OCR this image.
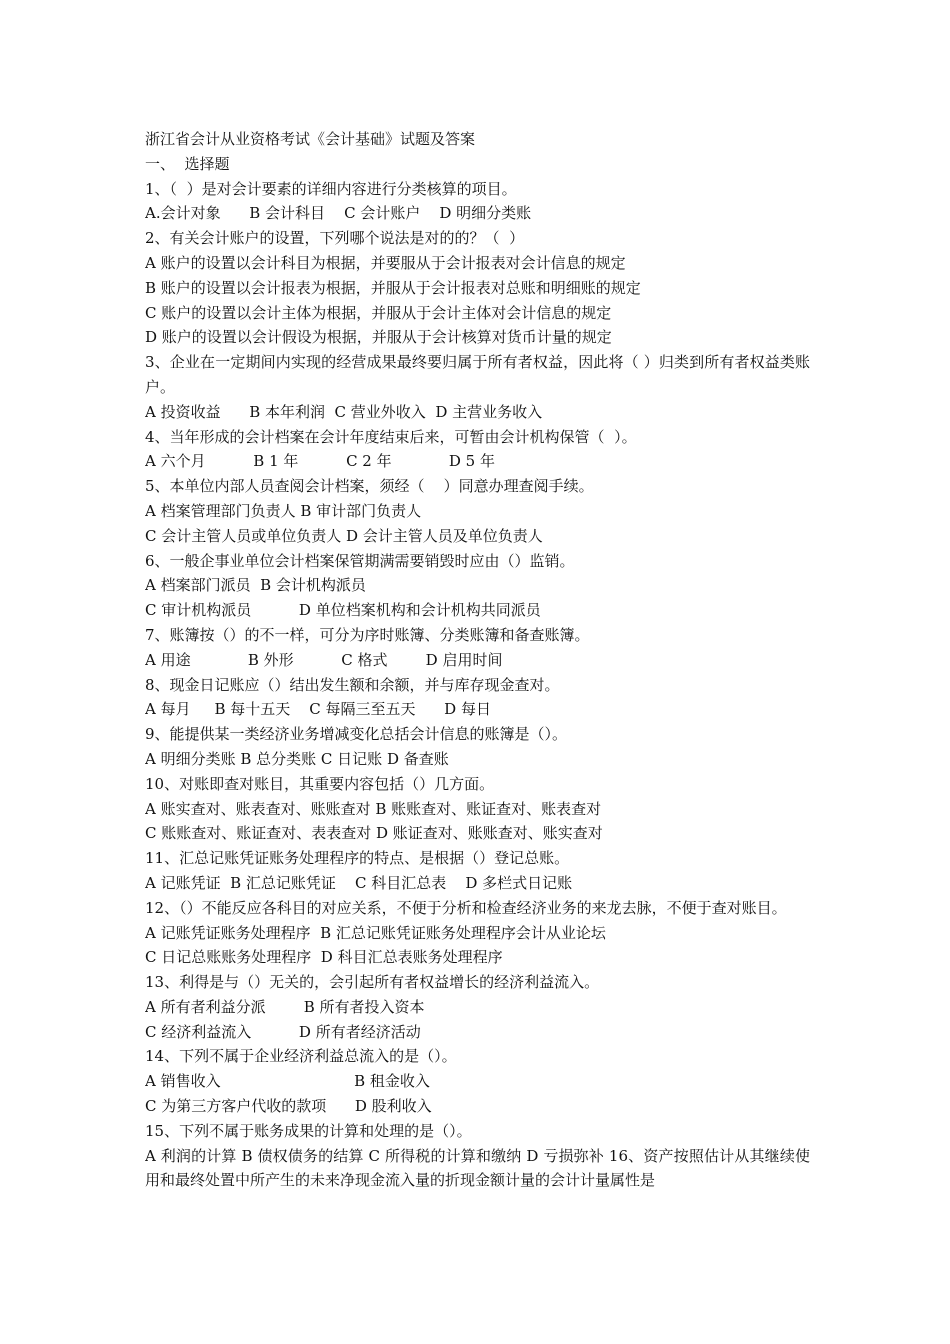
浙江省会计从业资格考试《会计基础》试题及答案
一、  选择题
1、（  ）是对会计要素的详细内容进行分类核算的项目。
A.会计对象      B 会计科目    C 会计账户    D 明细分类账
2、有关会计账户的设置，下列哪个说法是对的的？（  ）
A 账户的设置以会计科目为根据，并要服从于会计报表对会计信息的规定
B 账户的设置以会计报表为根据，并服从于会计报表对总账和明细账的规定
C 账户的设置以会计主体为根据，并服从于会计主体对会计信息的规定
D 账户的设置以会计假设为根据，并服从于会计核算对货币计量的规定
3、企业在一定期间内实现的经营成果最终要归属于所有者权益，因此将（ ）归类到所有者权益类账户。
A 投资收益      B 本年利润  C 营业外收入  D 主营业务收入
4、当年形成的会计档案在会计年度结束后来，可暂由会计机构保管（  ）。
A 六个月          B 1 年          C 2 年            D 5 年
5、本单位内部人员查阅会计档案，须经（    ）同意办理查阅手续。
A 档案管理部门负责人 B 审计部门负责人
C 会计主管人员或单位负责人 D 会计主管人员及单位负责人
6、一般企事业单位会计档案保管期满需要销毁时应由（）监销。
A 档案部门派员  B 会计机构派员
C 审计机构派员          D 单位档案机构和会计机构共同派员
7、账簿按（）的不一样，可分为序时账簿、分类账簿和备查账簿。
A 用途            B 外形          C 格式        D 启用时间
8、现金日记账应（）结出发生额和余额，并与库存现金查对。
A 每月     B 每十五天    C 每隔三至五天      D 每日
9、能提供某一类经济业务增减变化总括会计信息的账簿是（）。
A 明细分类账 B 总分类账 C 日记账 D 备查账
10、对账即查对账目，其重要内容包括（）几方面。
A 账实查对、账表查对、账账查对 B 账账查对、账证查对、账表查对
C 账账查对、账证查对、表表查对 D 账证查对、账账查对、账实查对
11、汇总记账凭证账务处理程序的特点、是根据（）登记总账。
A 记账凭证  B 汇总记账凭证    C 科目汇总表    D 多栏式日记账
12、（）不能反应各科目的对应关系，不便于分析和检查经济业务的来龙去脉，不便于查对账目。
A 记账凭证账务处理程序  B 汇总记账凭证账务处理程序会计从业论坛
C 日记总账账务处理程序  D 科目汇总表账务处理程序
13、利得是与（）无关的，会引起所有者权益增长的经济利益流入。
A 所有者利益分派        B 所有者投入资本
C 经济利益流入          D 所有者经济活动
14、下列不属于企业经济利益总流入的是（）。
A 销售收入                            B 租金收入
C 为第三方客户代收的款项      D 股利收入
15、下列不属于账务成果的计算和处理的是（）。
A 利润的计算 B 债权债务的结算 C 所得税的计算和缴纳 D 亏损弥补 16、资产按照估计从其继续使用和最终处置中所产生的未来净现金流入量的折现金额计量的会计计量属性是
